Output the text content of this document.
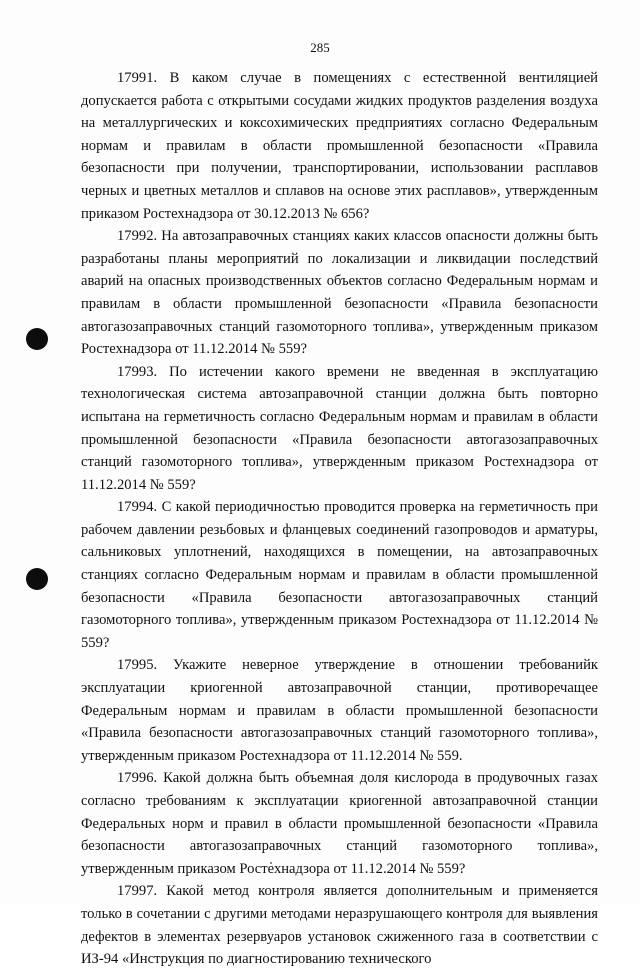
285

17991. В каком случае в помещениях с естественной вентиляцией допускается работа с открытыми сосудами жидких продуктов разделения воздуха на металлургических и коксохимических предприятиях согласно Федеральным нормам и правилам в области промышленной безопасности «Правила безопасности при получении, транспортировании, использовании расплавов черных и цветных металлов и сплавов на основе этих расплавов», утвержденным приказом Ростехнадзора от 30.12.2013 № 656?

17992. На автозаправочных станциях каких классов опасности должны быть разработаны планы мероприятий по локализации и ликвидации последствий аварий на опасных производственных объектов согласно Федеральным нормам и правилам в области промышленной безопасности «Правила безопасности автогазозаправочных станций газомоторного топлива», утвержденным приказом Ростехнадзора от 11.12.2014 № 559?

17993. По истечении какого времени не введенная в эксплуатацию технологическая система автозаправочной станции должна быть повторно испытана на герметичность согласно Федеральным нормам и правилам в области промышленной безопасности «Правила безопасности автогазозаправочных станций газомоторного топлива», утвержденным приказом Ростехнадзора от 11.12.2014 № 559?

17994. С какой периодичностью проводится проверка на герметичность при рабочем давлении резьбовых и фланцевых соединений газопроводов и арматуры, сальниковых уплотнений, находящихся в помещении, на автозаправочных станциях согласно Федеральным нормам и правилам в области промышленной безопасности «Правила безопасности автогазозаправочных станций газомоторного топлива», утвержденным приказом Ростехнадзора от 11.12.2014 № 559?

17995. Укажите неверное утверждение в отношении требованийк эксплуатации криогенной автозаправочной станции, противоречащее Федеральным нормам и правилам в области промышленной безопасности «Правила безопасности автогазозаправочных станций газомоторного топлива», утвержденным приказом Ростехнадзора от 11.12.2014 № 559.

17996. Какой должна быть объемная доля кислорода в продувочных газах согласно требованиям к эксплуатации криогенной автозаправочной станции Федеральных норм и правил в области промышленной безопасности «Правила безопасности автогазозаправочных станций газомоторного топлива», утвержденным приказом Ростехнадзора от 11.12.2014 № 559?

17997. Какой метод контроля является дополнительным и применяется только в сочетании с другими методами неразрушающего контроля для выявления дефектов в элементах резервуаров установок сжиженного газа в соответствии с ИЗ-94 «Инструкция по диагностированию технического
